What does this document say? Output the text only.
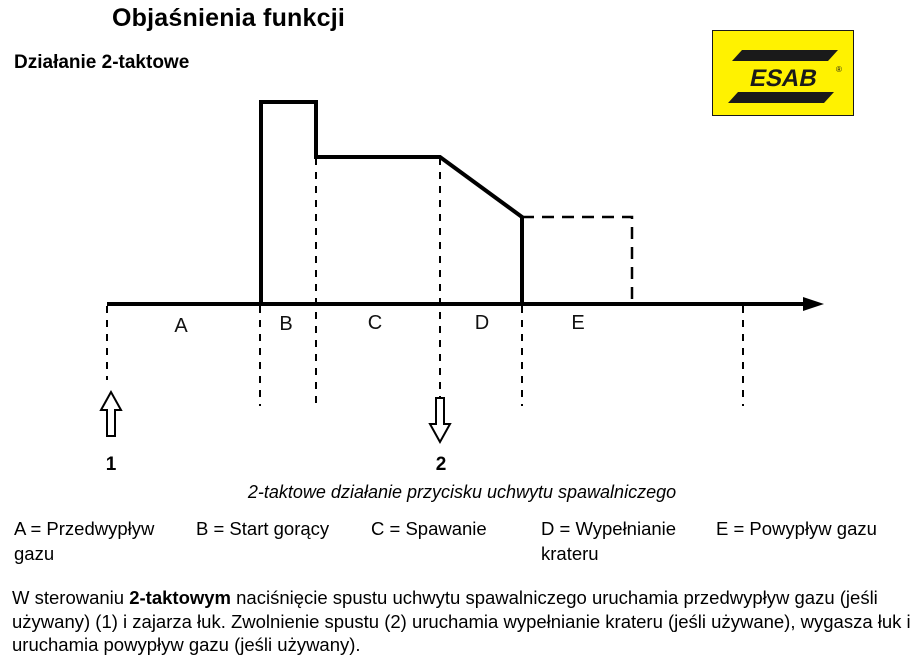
Objaśnienia funkcji
Działanie 2-taktowe
ESAB ®
A	B	C	D	E
1	2
2-taktowe działanie przycisku uchwytu spawalniczego
A = Przedwypływ gazu
B = Start gorący	C = Spawanie	D = Wypełnianie krateru
E = Powypływ gazu
W sterowaniu 2-taktowym naciśnięcie spustu uchwytu spawalniczego uruchamia przedwypływ gazu (jeśli używany) (1) i zajarza łuk. Zwolnienie spustu (2) uruchamia wypełnianie krateru (jeśli używane), wygasza łuk i uruchamia powypływ gazu (jeśli używany).
